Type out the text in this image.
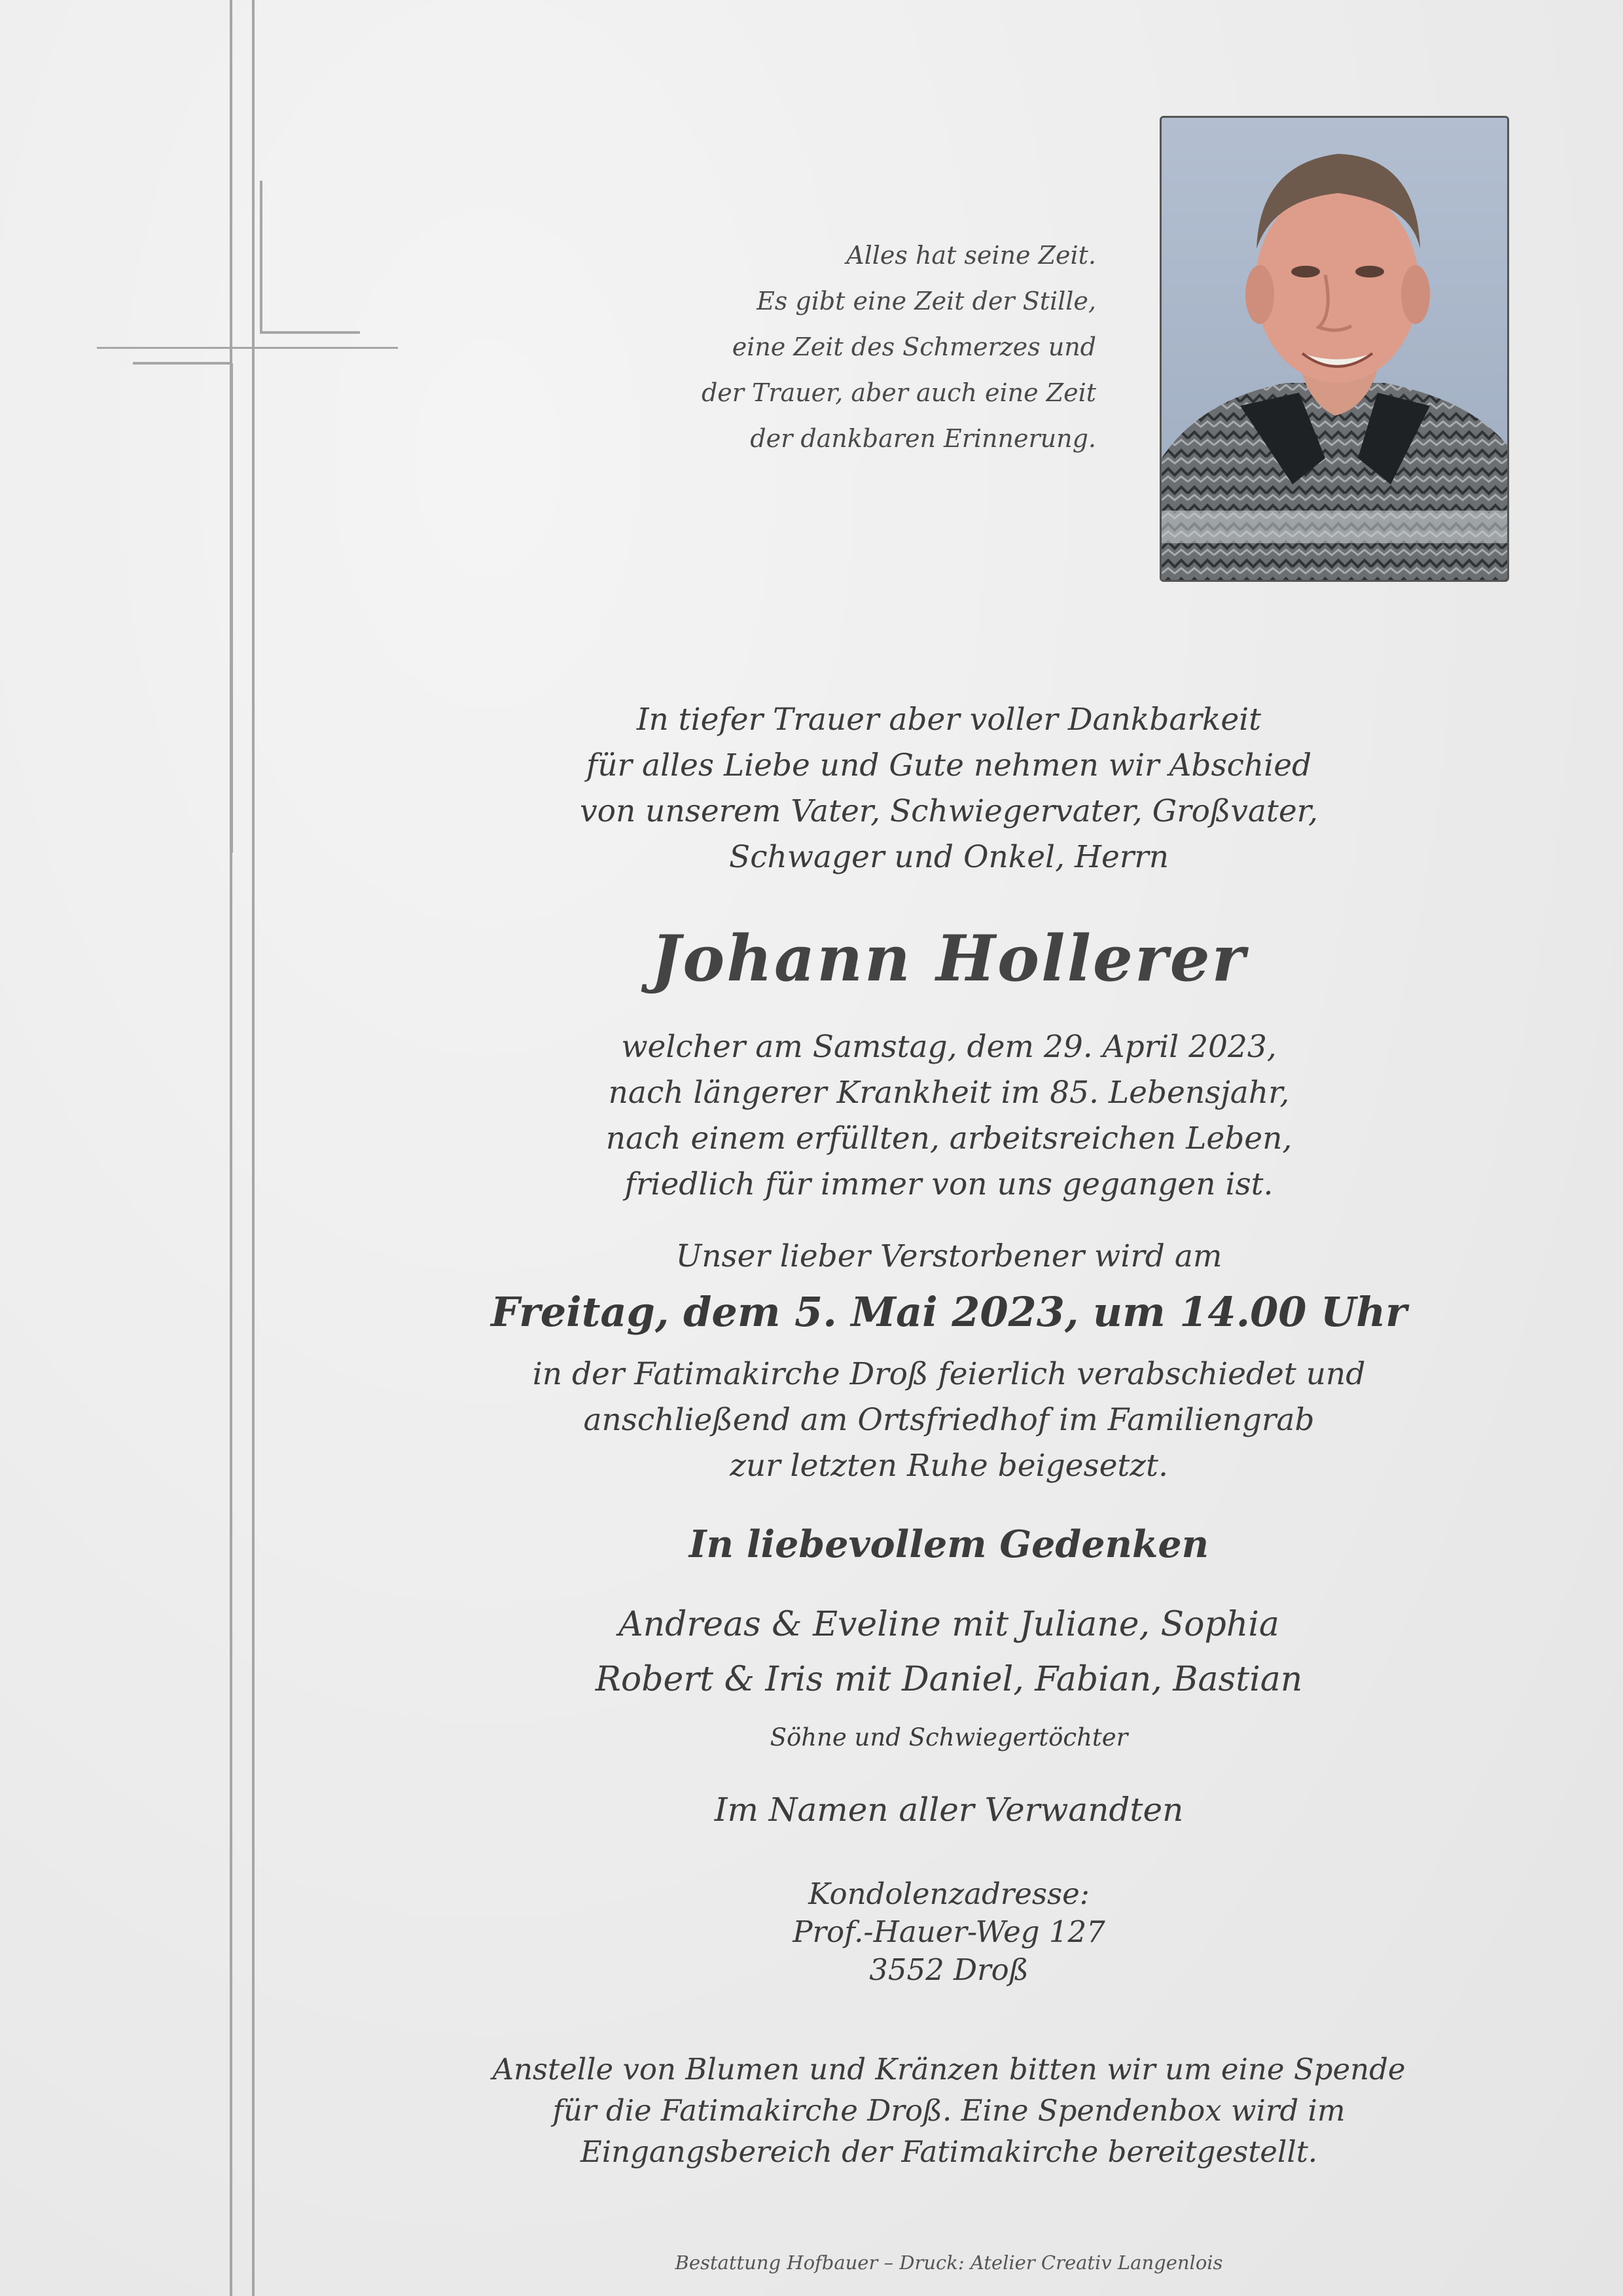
Alles hat seine Zeit.

Es gibt eine Zeit der Stille,

eine Zeit des Schmerzes und

der Trauer, aber auch eine Zeit

der dankbaren Erinnerung.

In tiefer Trauer aber voller Dankbarkeit

für alles Liebe und Gute nehmen wir Abschied

von unserem Vater, Schwiegervater, Großvater,

Schwager und Onkel, Herrn

Johann Hollerer

welcher am Samstag, dem 29. April 2023,

nach längerer Krankheit im 85. Lebensjahr,

nach einem erfüllten, arbeitsreichen Leben,

friedlich für immer von uns gegangen ist.

Unser lieber Verstorbener wird am
Freitag, dem 5. Mai 2023, um 14.00 Uhr

in der Fatimakirche Droß feierlich verabschiedet und

anschließend am Ortsfriedhof im Familiengrab

zur letzten Ruhe beigesetzt.

In liebevollem Gedenken

Andreas & Eveline mit Juliane, Sophia

Robert & Iris mit Daniel, Fabian, Bastian

Söhne und Schwiegertöchter
Im Namen aller Verwandten

Kondolenzadresse:

Prof.-Hauer-Weg 127

3552 Droß

Anstelle von Blumen und Kränzen bitten wir um eine Spende

für die Fatimakirche Droß. Eine Spendenbox wird im

Eingangsbereich der Fatimakirche bereitgestellt.

Bestattung Hofbauer – Druck: Atelier Creativ Langenlois
